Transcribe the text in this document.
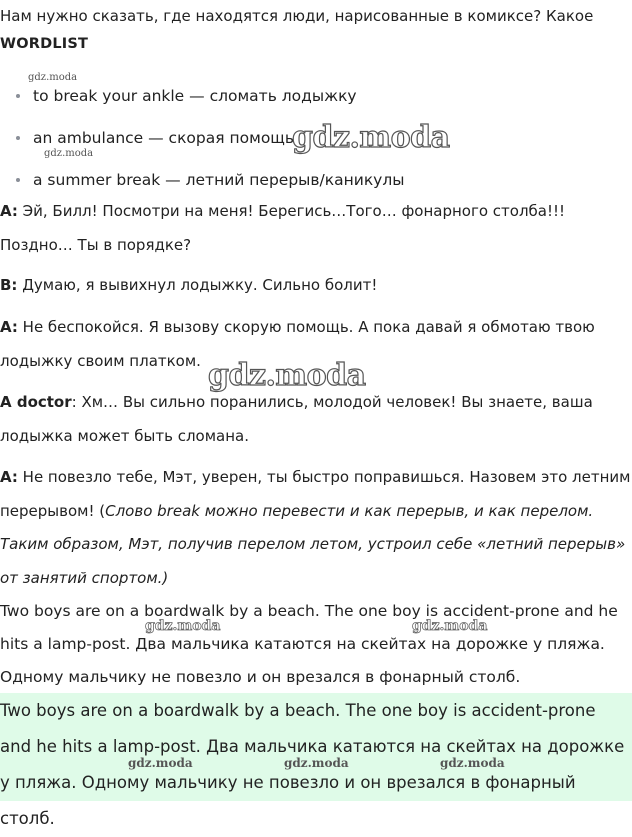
Нам нужно сказать, где находятся люди, нарисованные в комиксе? Какое
WORDLIST
to break your ankle — сломать лодыжку
an ambulance — скорая помощь
a summer break — летний перерыв/каникулы
A: Эй, Билл! Посмотри на меня! Берегись…Того… фонарного столба!!! Поздно… Ты в порядке?
B: Думаю, я вывихнул лодыжку. Сильно болит!
A: Не беспокойся. Я вызову скорую помощь. А пока давай я обмотаю твою лодыжку своим платком.
A doctor: Хм… Вы сильно поранились, молодой человек! Вы знаете, ваша лодыжка может быть сломана.
A: Не повезло тебе, Мэт, уверен, ты быстро поправишься. Назовем это летним перерывом! (Слово break можно перевести и как перерыв, и как перелом. Таким образом, Мэт, получив перелом летом, устроил себе «летний перерыв» от занятий спортом.)
Two boys are on a boardwalk by a beach. The one boy is accident-prone and he hits a lamp-post. Два мальчика катаются на скейтах на дорожке у пляжа. Одному мальчику не повезло и он врезался в фонарный столб.
Two boys are on a boardwalk by a beach. The one boy is accident-prone and he hits a lamp-post. Два мальчика катаются на скейтах на дорожке у пляжа. Одному мальчику не повезло и он врезался в фонарный столб.
gdz.moda
gdz.moda	gdz.moda
gdz.moda
gdz.moda	gdz.moda
gdz.moda	gdz.moda	gdz.moda
